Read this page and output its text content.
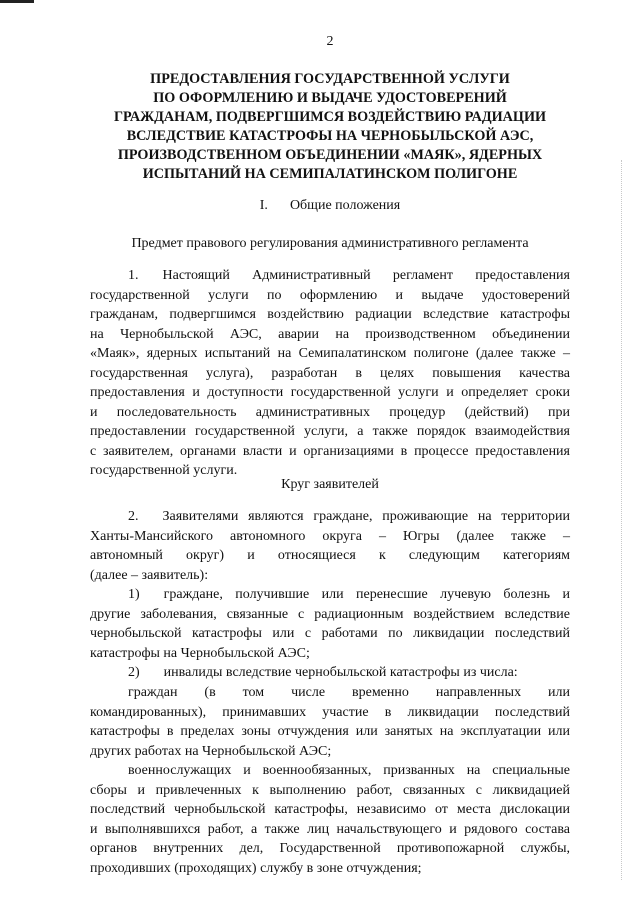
2
ПРЕДОСТАВЛЕНИЯ ГОСУДАРСТВЕННОЙ УСЛУГИ
ПО ОФОРМЛЕНИЮ И ВЫДАЧЕ УДОСТОВЕРЕНИЙ
ГРАЖДАНАМ, ПОДВЕРГШИМСЯ ВОЗДЕЙСТВИЮ РАДИАЦИИ
ВСЛЕДСТВИЕ КАТАСТРОФЫ НА ЧЕРНОБЫЛЬСКОЙ АЭС,
ПРОИЗВОДСТВЕННОМ ОБЪЕДИНЕНИИ «МАЯК», ЯДЕРНЫХ
ИСПЫТАНИЙ НА СЕМИПАЛАТИНСКОМ ПОЛИГОНЕ
I. Общие положения
Предмет правового регулирования административного регламента
1. Настоящий Административный регламент предоставления
государственной услуги по оформлению и выдаче удостоверений
гражданам, подвергшимся воздействию радиации вследствие катастрофы
на Чернобыльской АЭС, аварии на производственном объединении
«Маяк», ядерных испытаний на Семипалатинском полигоне (далее также –
государственная услуга), разработан в целях повышения качества
предоставления и доступности государственной услуги и определяет сроки
и последовательность административных процедур (действий) при
предоставлении государственной услуги, а также порядок взаимодействия
с заявителем, органами власти и организациями в процессе предоставления
государственной услуги.
Круг заявителей
2. Заявителями являются граждане, проживающие на территории
Ханты-Мансийского автономного округа – Югры (далее также –
автономный округ) и относящиеся к следующим категориям
(далее – заявитель):
1) граждане, получившие или перенесшие лучевую болезнь и
другие заболевания, связанные с радиационным воздействием вследствие
чернобыльской катастрофы или с работами по ликвидации последствий
катастрофы на Чернобыльской АЭС;
2) инвалиды вследствие чернобыльской катастрофы из числа:
граждан (в том числе временно направленных или
командированных), принимавших участие в ликвидации последствий
катастрофы в пределах зоны отчуждения или занятых на эксплуатации или
других работах на Чернобыльской АЭС;
военнослужащих и военнообязанных, призванных на специальные
сборы и привлеченных к выполнению работ, связанных с ликвидацией
последствий чернобыльской катастрофы, независимо от места дислокации
и выполнявшихся работ, а также лиц начальствующего и рядового состава
органов внутренних дел, Государственной противопожарной службы,
проходивших (проходящих) службу в зоне отчуждения;
